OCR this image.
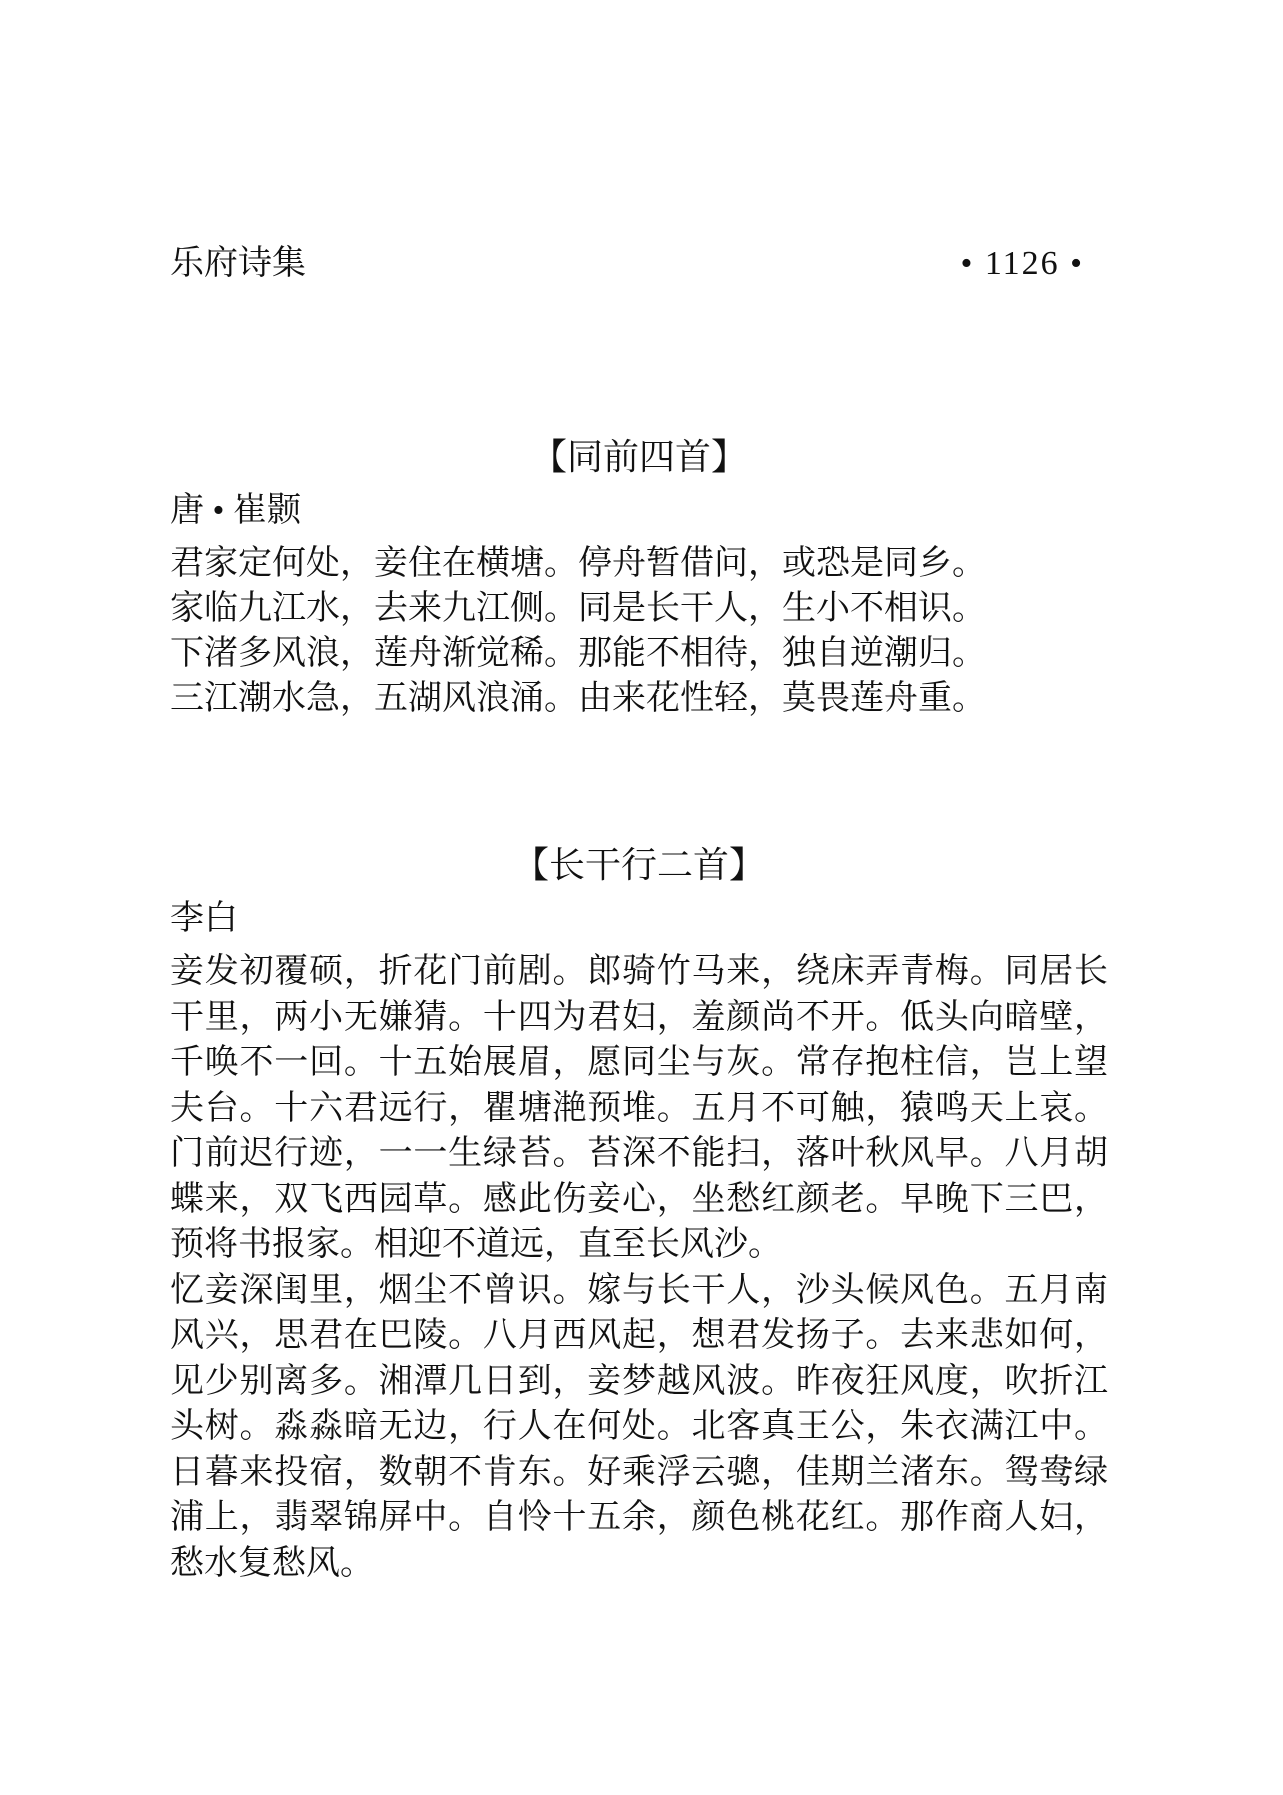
乐府诗集	• 1126 •
【同前四首】
唐 • 崔颢
君家定何处，妾住在横塘。停舟暂借问，或恐是同乡。
家临九江水，去来九江侧。同是长干人，生小不相识。
下渚多风浪，莲舟渐觉稀。那能不相待，独自逆潮归。
三江潮水急，五湖风浪涌。由来花性轻，莫畏莲舟重。
【长干行二首】
李白

妾发初覆硕，折花门前剧。郎骑竹马来，绕床弄青梅。同居长干里，两小无嫌猜。十四为君妇，羞颜尚不开。低头向暗壁，千唤不一回。十五始展眉，愿同尘与灰。常存抱柱信，岂上望夫台。十六君远行，瞿塘滟预堆。五月不可触，猿鸣天上哀。门前迟行迹，一一生绿苔。苔深不能扫，落叶秋风早。八月胡蝶来，双飞西园草。感此伤妾心，坐愁红颜老。早晚下三巴，预将书报家。相迎不道远，直至长风沙。

忆妾深闺里，烟尘不曾识。嫁与长干人，沙头候风色。五月南风兴，思君在巴陵。八月西风起，想君发扬子。去来悲如何，见少别离多。湘潭几日到，妾梦越风波。昨夜狂风度，吹折江头树。淼淼暗无边，行人在何处。北客真王公，朱衣满江中。日暮来投宿，数朝不肯东。好乘浮云骢，佳期兰渚东。鸳鸯绿浦上，翡翠锦屏中。自怜十五余，颜色桃花红。那作商人妇，愁水复愁风。
